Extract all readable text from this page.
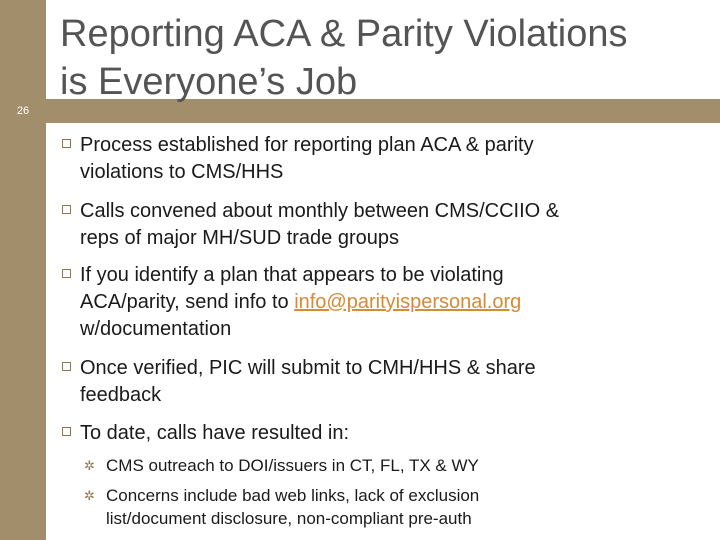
26
Reporting ACA & Parity Violations
is Everyone’s Job
Process established for reporting plan ACA & parity
violations to CMS/HHS
Calls convened about monthly between CMS/CCIIO &
reps of major MH/SUD trade groups
If you identify a plan that appears to be violating
ACA/parity, send info to info@parityispersonal.org
w/documentation
Once verified, PIC will submit to CMH/HHS & share
feedback
To date, calls have resulted in:
✲ CMS outreach to DOI/issuers in CT, FL, TX & WY
✲ Concerns include bad web links, lack of exclusion
list/document disclosure, non-compliant pre-auth
